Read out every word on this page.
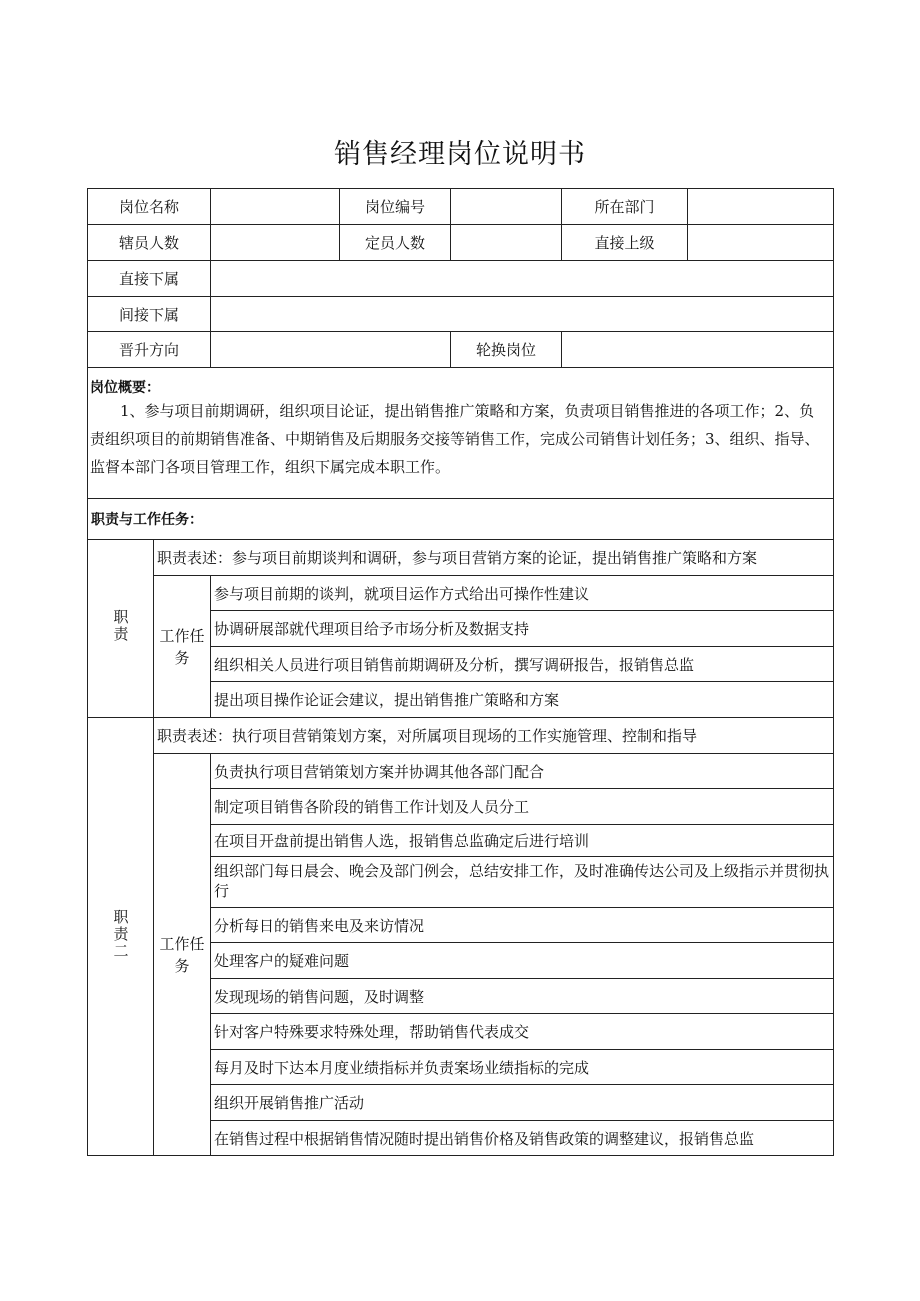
销售经理岗位说明书
岗位名称			岗位编号		所在部门	
辖员人数			定员人数		直接上级	
直接下属						
间接下属						
晋升方向				轮换岗位		

岗位概要：
1、参与项目前期调研，组织项目论证，提出销售推广策略和方案，负责项目销售推进的各项工作；2、负责组织项目的前期销售准备、中期销售及后期服务交接等销售工作，完成公司销售计划任务；3、组织、指导、监督本部门各项目管理工作，组织下属完成本职工作。						

职责与工作任务：						
职责	职责表述：参与项目前期谈判和调研，参与项目营销方案的论证，提出销售推广策略和方案					
	工作任务	参与项目前期的谈判，就项目运作方式给出可操作性建议				
		协调研展部就代理项目给予市场分析及数据支持				
		组织相关人员进行项目销售前期调研及分析，撰写调研报告，报销售总监				
		提出项目操作论证会建议，提出销售推广策略和方案				
职责二	职责表述：执行项目营销策划方案，对所属项目现场的工作实施管理、控制和指导					
	工作任务	负责执行项目营销策划方案并协调其他各部门配合				
		制定项目销售各阶段的销售工作计划及人员分工				
		在项目开盘前提出销售人选，报销售总监确定后进行培训				
		组织部门每日晨会、晚会及部门例会，总结安排工作，及时准确传达公司及上级指示并贯彻执行				
		分析每日的销售来电及来访情况				
		处理客户的疑难问题				
		发现现场的销售问题，及时调整				
		针对客户特殊要求特殊处理，帮助销售代表成交				
		每月及时下达本月度业绩指标并负责案场业绩指标的完成				
		组织开展销售推广活动				
		在销售过程中根据销售情况随时提出销售价格及销售政策的调整建议，报销售总监				
